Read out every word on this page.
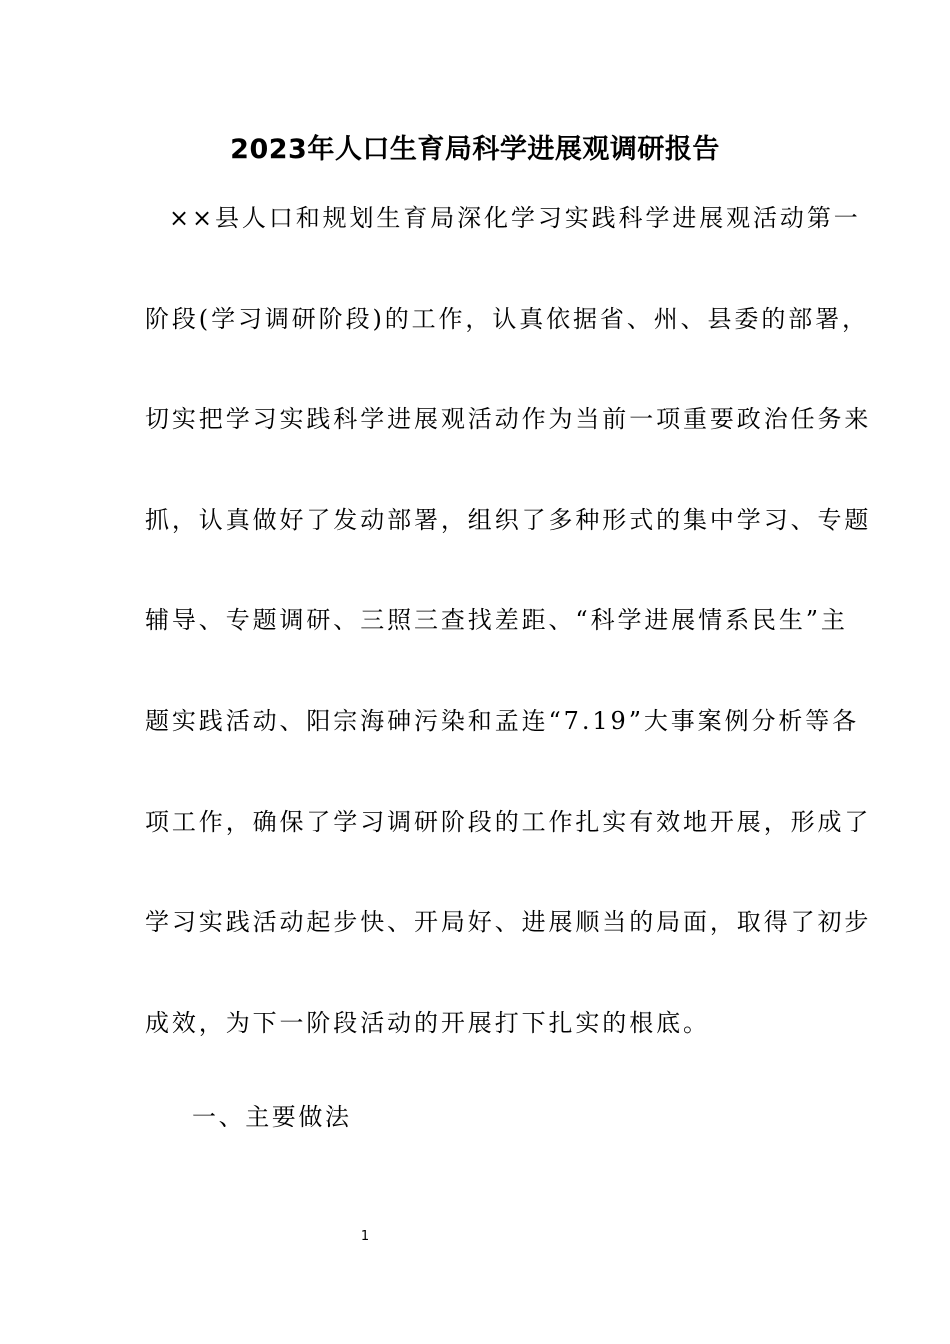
2023年人口生育局科学进展观调研报告
××县人口和规划生育局深化学习实践科学进展观活动第一
阶段(学习调研阶段)的工作，认真依据省、州、县委的部署，
切实把学习实践科学进展观活动作为当前一项重要政治任务来
抓，认真做好了发动部署，组织了多种形式的集中学习、专题
辅导、专题调研、三照三查找差距、“科学进展情系民生”主
题实践活动、阳宗海砷污染和孟连“7.19”大事案例分析等各
项工作，确保了学习调研阶段的工作扎实有效地开展，形成了
学习实践活动起步快、开局好、进展顺当的局面，取得了初步
成效，为下一阶段活动的开展打下扎实的根底。
一、主要做法
1
